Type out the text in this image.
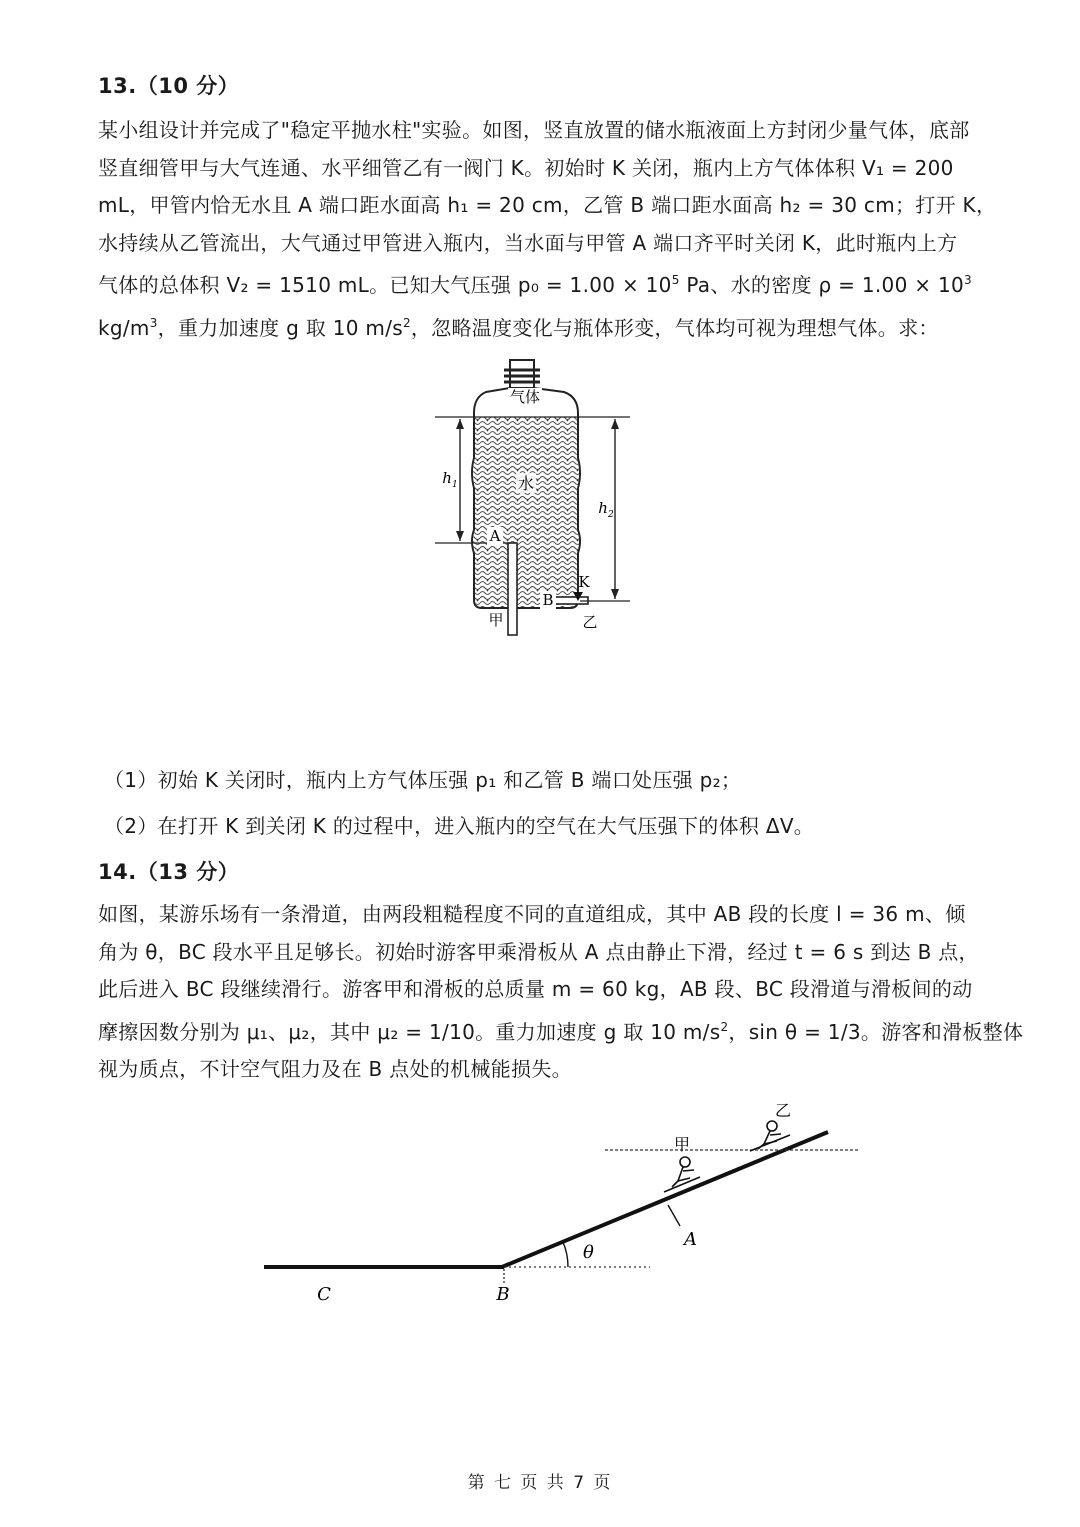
13.（10 分）
某小组设计并完成了"稳定平抛水柱"实验。如图，竖直放置的储水瓶液面上方封闭少量气体，底部
竖直细管甲与大气连通、水平细管乙有一阀门 K。初始时 K 关闭，瓶内上方气体体积 V₁ = 200
mL，甲管内恰无水且 A 端口距水面高 h₁ = 20 cm，乙管 B 端口距水面高 h₂ = 30 cm；打开 K，
水持续从乙管流出，大气通过甲管进入瓶内，当水面与甲管 A 端口齐平时关闭 K，此时瓶内上方
气体的总体积 V₂ = 1510 mL。已知大气压强 $p_0 = 1.00 \times 10^5$ Pa、水的密度 $\rho = 1.00 \times 10^3$
$kg/m^3$，重力加速度 g 取 10 $m/s^2$，忽略温度变化与瓶体形变，气体均可视为理想气体。求：
气体
水
$h_1$
$h_2$
A
B
K
甲	乙
（1）初始 K 关闭时，瓶内上方气体压强 p₁ 和乙管 B 端口处压强 p₂；
（2）在打开 K 到关闭 K 的过程中，进入瓶内的空气在大气压强下的体积 ΔV。
14.（13 分）
如图，某游乐场有一条滑道，由两段粗糙程度不同的直道组成，其中 AB 段的长度 l = 36 m、倾
角为 θ，BC 段水平且足够长。初始时游客甲乘滑板从 A 点由静止下滑，经过 t = 6 s 到达 B 点，
此后进入 BC 段继续滑行。游客甲和滑板的总质量 m = 60 kg，AB 段、BC 段滑道与滑板间的动
摩擦因数分别为 μ₁、μ₂，其中 μ₂ = 1/10。重力加速度 g 取 10 $m/s^2$，sin θ = 1/3。游客和滑板整体
视为质点，不计空气阻力及在 B 点处的机械能损失。
θ
A
B
C
甲
乙
第 七 页 共 7 页
